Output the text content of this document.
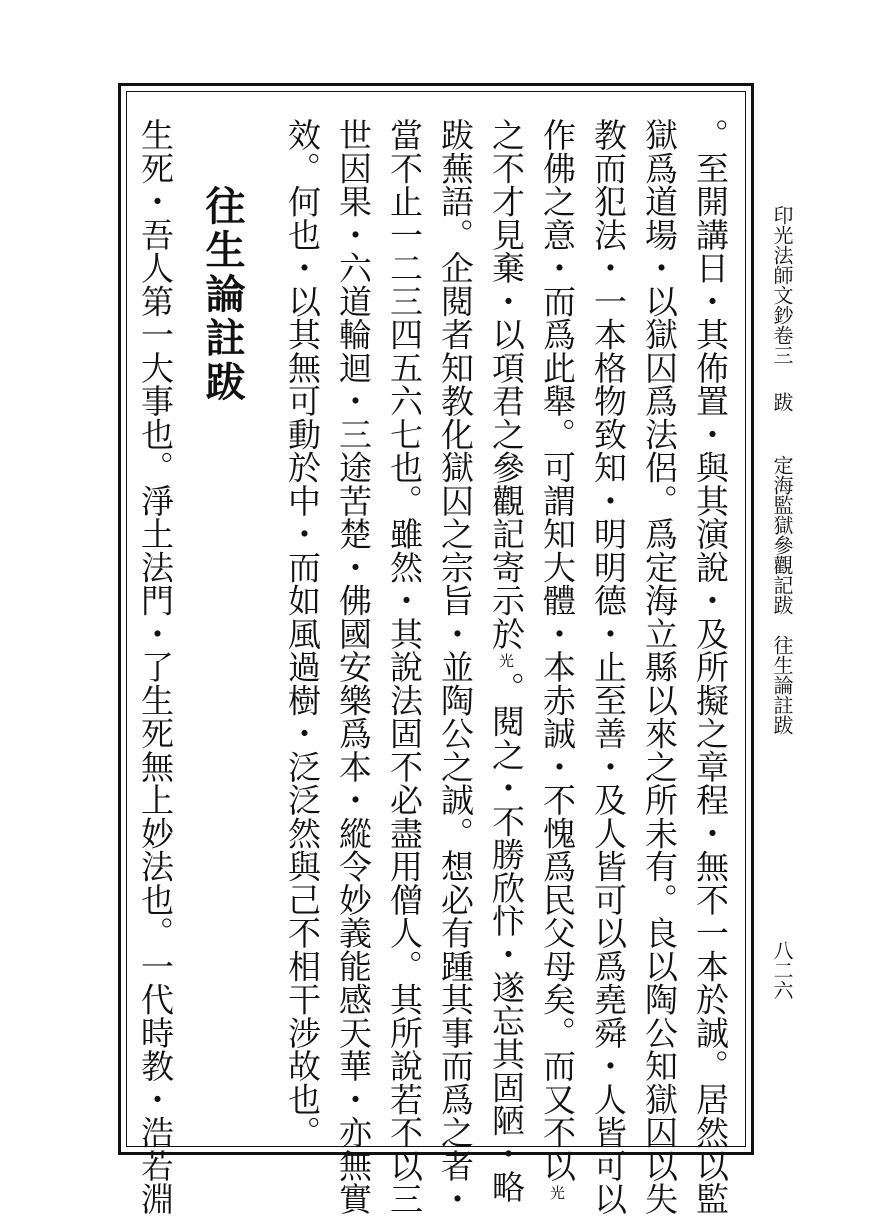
印光法師文鈔卷三
跋
定海監獄參觀記跋　往生論註跋
八二六
。至開講日・其佈置・與其演說・及所擬之章程・無不一本於誠。居然以監
獄爲道場・以獄囚爲法侶。爲定海立縣以來之所未有。良以陶公知獄囚以失
教而犯法・一本格物致知・明明德・止至善・及人皆可以爲堯舜・人皆可以
作佛之意・而爲此舉。可謂知大體・本赤誠・不愧爲民父母矣。而又不以光
之不才見棄・以項君之參觀記寄示於光。閱之・不勝欣忭・遂忘其固陋・略
跋蕪語。企閱者知教化獄囚之宗旨・並陶公之誠。想必有踵其事而爲之者・
當不止一二三四五六七也。雖然・其說法固不必盡用僧人。其所說若不以三
世因果・六道輪迴・三途苦楚・佛國安樂爲本・縱令妙義能感天華・亦無實
效。何也・以其無可動於中・而如風過樹・泛泛然與己不相干涉故也。
往生論註跋
生死・吾人第一大事也。淨土法門・了生死無上妙法也。一代時教・浩若淵
